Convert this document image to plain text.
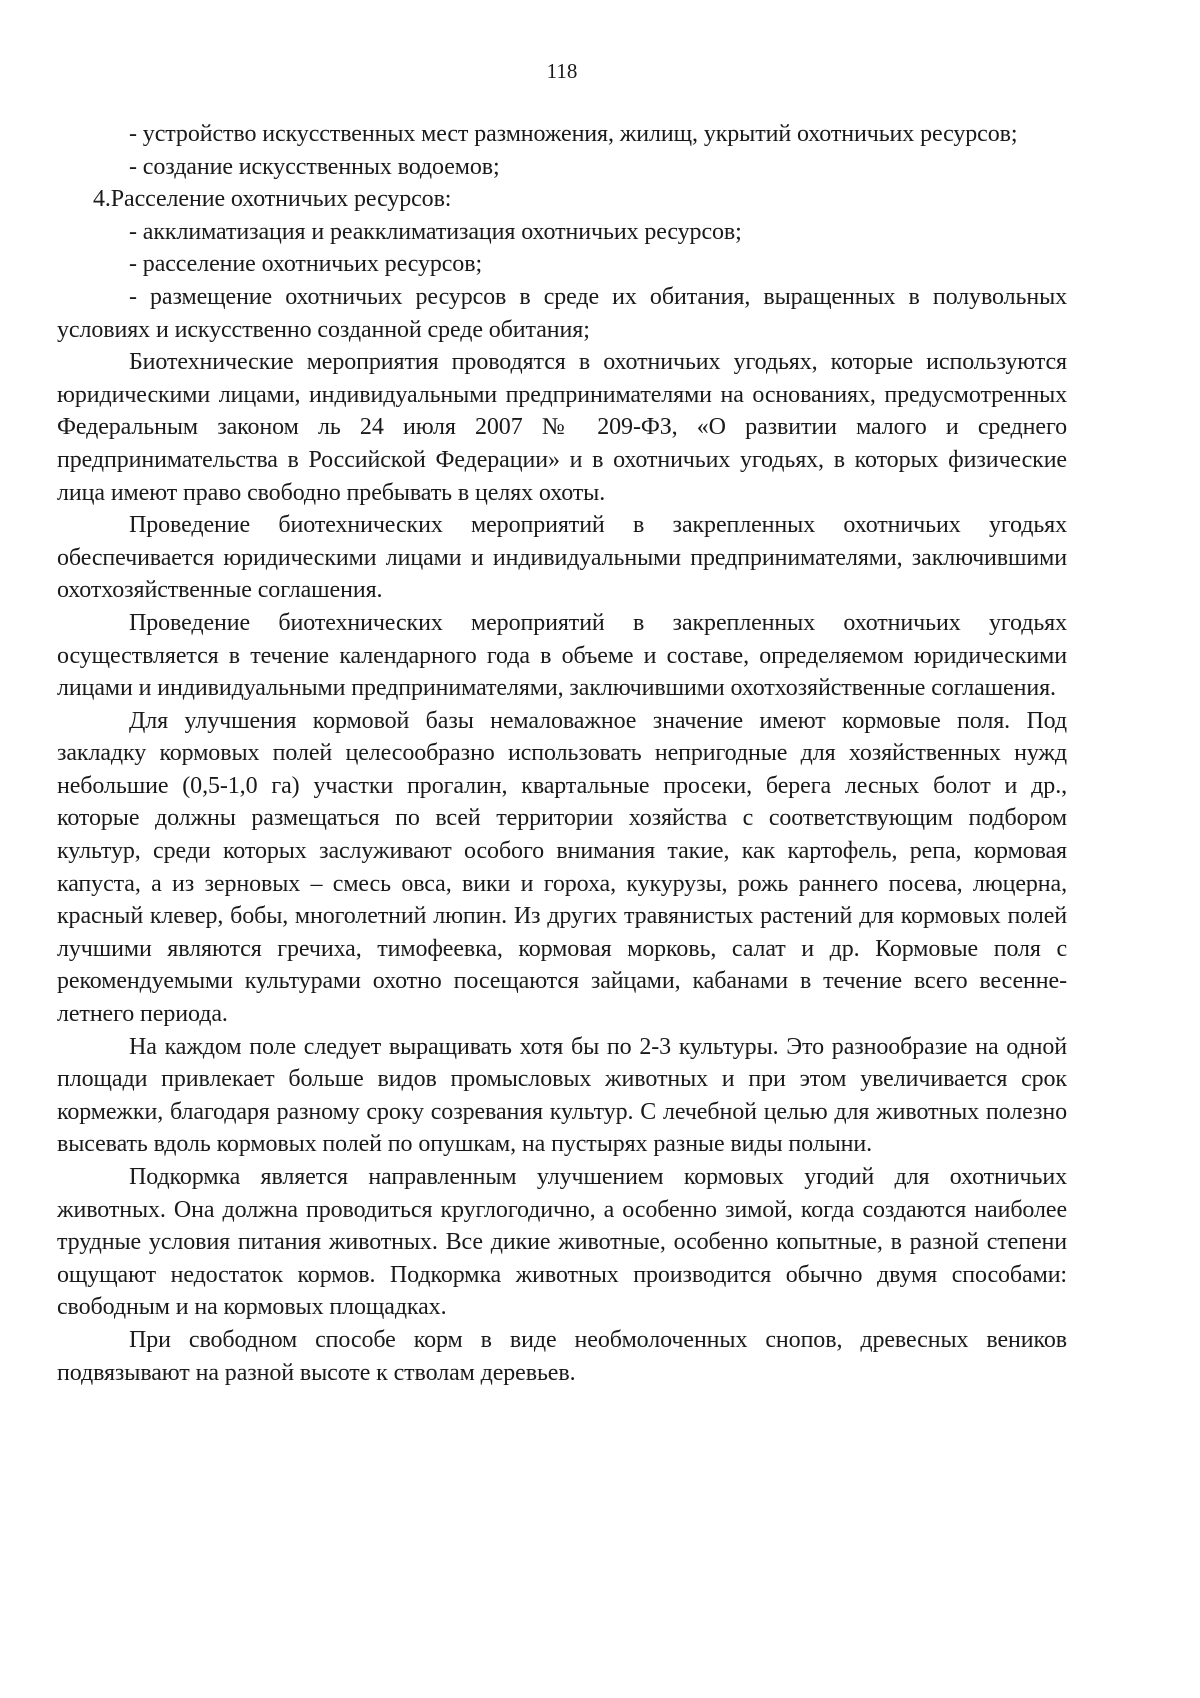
118

- устройство искусственных мест размножения, жилищ, укрытий охотничьих ресурсов;

- создание искусственных водоемов;

4.Расселение охотничьих ресурсов:

- акклиматизация и реакклиматизация охотничьих ресурсов;

- расселение охотничьих ресурсов;

- размещение охотничьих ресурсов в среде их обитания, выращенных в полувольных условиях и искусственно созданной среде обитания;

Биотехнические мероприятия проводятся в охотничьих угодьях, которые используются юридическими лицами, индивидуальными предпринимателями на основаниях, предусмотренных Федеральным законом ль 24 июля 2007 № 209-ФЗ, «О развитии малого и среднего предпринимательства в Российской Федерации» и в охотничьих угодьях, в которых физические лица имеют право свободно пребывать в целях охоты.

Проведение биотехнических мероприятий в закрепленных охотничьих угодьях обеспечивается юридическими лицами и индивидуальными предпринимателями, заключившими охотхозяйственные соглашения.

Проведение биотехнических мероприятий в закрепленных охотничьих угодьях осуществляется в течение календарного года в объеме и составе, определяемом юридическими лицами и индивидуальными предпринимателями, заключившими охотхозяйственные соглашения.

Для улучшения кормовой базы немаловажное значение имеют кормовые поля. Под закладку кормовых полей целесообразно использовать непригодные для хозяйственных нужд небольшие (0,5-1,0 га) участки прогалин, квартальные просеки, берега лесных болот и др., которые должны размещаться по всей территории хозяйства с соответствующим подбором культур, среди которых заслуживают особого внимания такие, как картофель, репа, кормовая капуста, а из зерновых – смесь овса, вики и гороха, кукурузы, рожь раннего посева, люцерна, красный клевер, бобы, многолетний люпин. Из других травянистых растений для кормовых полей лучшими являются гречиха, тимофеевка, кормовая морковь, салат и др. Кормовые поля с рекомендуемыми культурами охотно посещаются зайцами, кабанами в течение всего весенне-летнего периода.

На каждом поле следует выращивать хотя бы по 2-3 культуры. Это разнообразие на одной площади привлекает больше видов промысловых животных и при этом увеличивается срок кормежки, благодаря разному сроку созревания культур. С лечебной целью для животных полезно высевать вдоль кормовых полей по опушкам, на пустырях разные виды полыни.

Подкормка является направленным улучшением кормовых угодий для охотничьих животных. Она должна проводиться круглогодично, а особенно зимой, когда создаются наиболее трудные условия питания животных. Все дикие животные, особенно копытные, в разной степени ощущают недостаток кормов. Подкормка животных производится обычно двумя способами: свободным и на кормовых площадках.

При свободном способе корм в виде необмолоченных снопов, древесных веников подвязывают на разной высоте к стволам деревьев.
